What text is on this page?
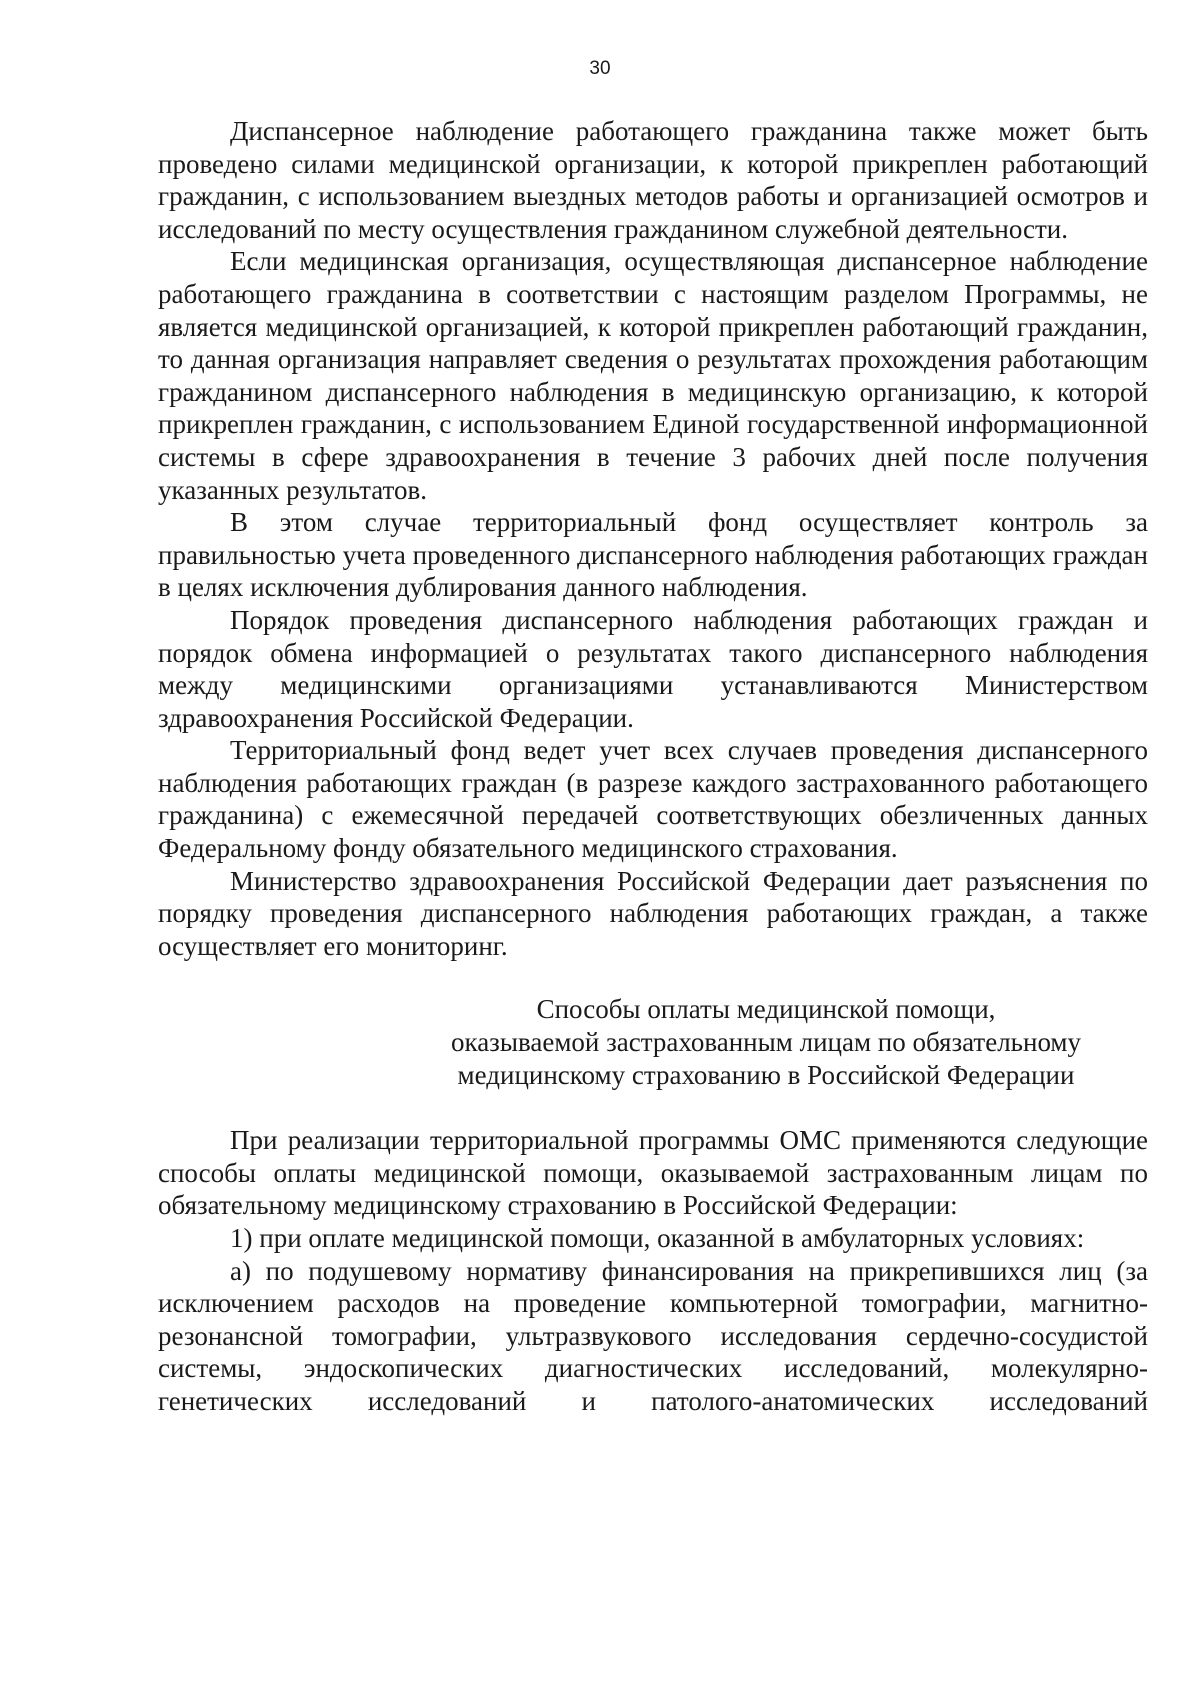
30

Диспансерное наблюдение работающего гражданина также может быть проведено силами медицинской организации, к которой прикреплен работающий гражданин, с использованием выездных методов работы и организацией осмотров и исследований по месту осуществления гражданином служебной деятельности.

Если медицинская организация, осуществляющая диспансерное наблюдение работающего гражданина в соответствии с настоящим разделом Программы, не является медицинской организацией, к которой прикреплен работающий гражданин, то данная организация направляет сведения о результатах прохождения работающим гражданином диспансерного наблюдения в медицинскую организацию, к которой прикреплен гражданин, с использованием Единой государственной информационной системы в сфере здравоохранения в течение 3 рабочих дней после получения указанных результатов.

В этом случае территориальный фонд осуществляет контроль за правильностью учета проведенного диспансерного наблюдения работающих граждан в целях исключения дублирования данного наблюдения.

Порядок проведения диспансерного наблюдения работающих граждан и порядок обмена информацией о результатах такого диспансерного наблюдения между медицинскими организациями устанавливаются Министерством здравоохранения Российской Федерации.

Территориальный фонд ведет учет всех случаев проведения диспансерного наблюдения работающих граждан (в разрезе каждого застрахованного работающего гражданина) с ежемесячной передачей соответствующих обезличенных данных Федеральному фонду обязательного медицинского страхования.

Министерство здравоохранения Российской Федерации дает разъяснения по порядку проведения диспансерного наблюдения работающих граждан, а также осуществляет его мониторинг.

Способы оплаты медицинской помощи,
оказываемой застрахованным лицам по обязательному
медицинскому страхованию в Российской Федерации

При реализации территориальной программы ОМС применяются следующие способы оплаты медицинской помощи, оказываемой застрахованным лицам по обязательному медицинскому страхованию в Российской Федерации:

1) при оплате медицинской помощи, оказанной в амбулаторных условиях:

а) по подушевому нормативу финансирования на прикрепившихся лиц (за исключением расходов на проведение компьютерной томографии, магнитно-резонансной томографии, ультразвукового исследования сердечно-сосудистой системы, эндоскопических диагностических исследований, молекулярно-генетических исследований и патолого-анатомических исследований
